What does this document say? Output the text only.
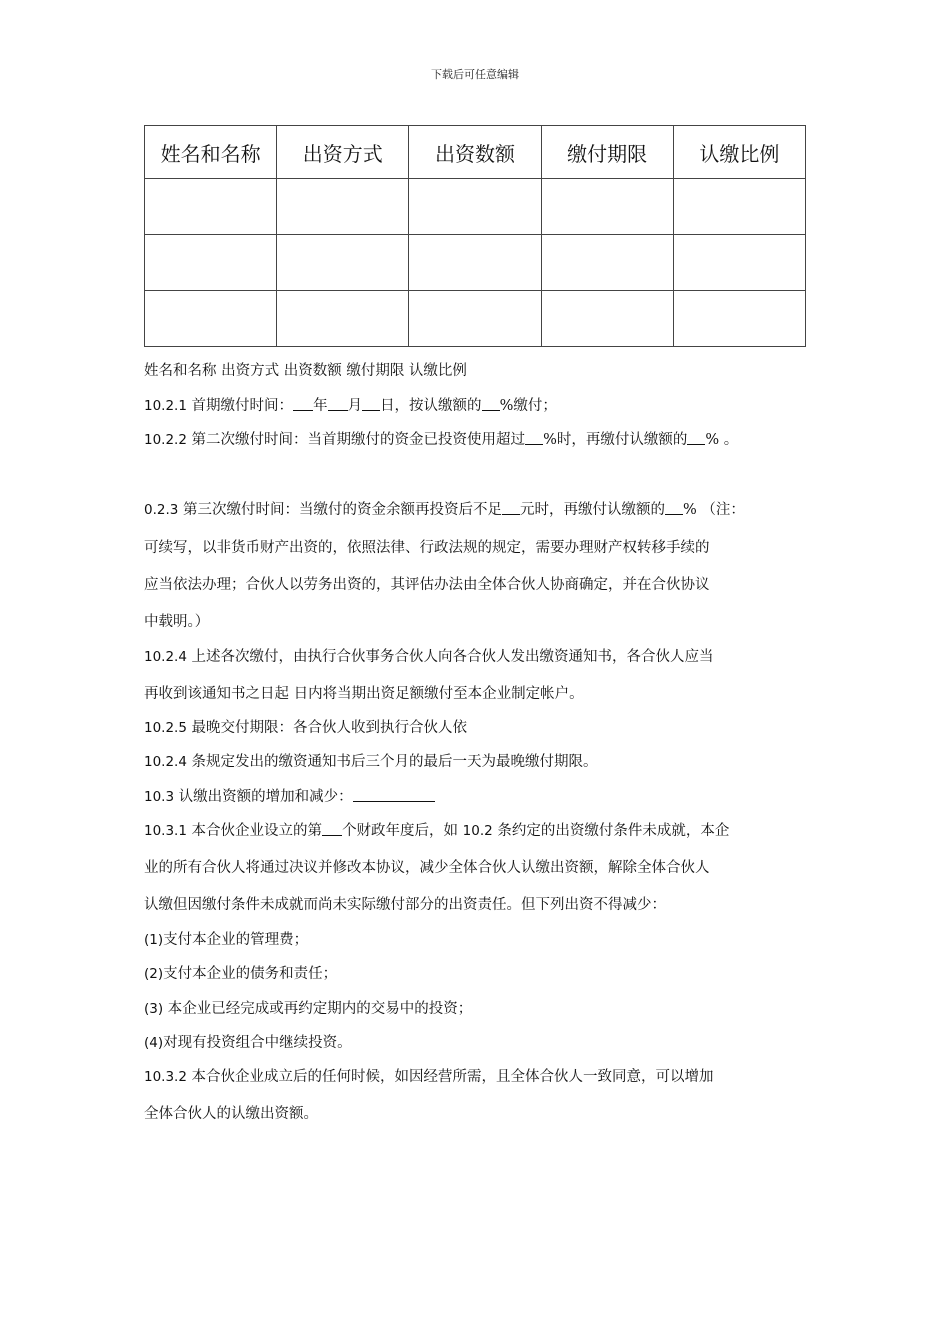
下载后可任意编辑
姓名和名称	出资方式	出资数额	缴付期限	认缴比例

姓名和名称 出资方式 出资数额 缴付期限 认缴比例
10.2.1 首期缴付时间： 年 月 日，按认缴额的 %缴付；
10.2.2 第二次缴付时间：当首期缴付的资金已投资使用超过 %时，再缴付认缴额的 % 。
0.2.3 第三次缴付时间：当缴付的资金余额再投资后不足 元时，再缴付认缴额的 % （注：
可续写，以非货币财产出资的，依照法律、行政法规的规定，需要办理财产权转移手续的
应当依法办理；合伙人以劳务出资的，其评估办法由全体合伙人协商确定，并在合伙协议
中载明。）
10.2.4 上述各次缴付，由执行合伙事务合伙人向各合伙人发出缴资通知书，各合伙人应当
再收到该通知书之日起 日内将当期出资足额缴付至本企业制定帐户。
10.2.5 最晚交付期限：各合伙人收到执行合伙人依
10.2.4 条规定发出的缴资通知书后三个月的最后一天为最晚缴付期限。
10.3 认缴出资额的增加和减少：
10.3.1 本合伙企业设立的第 个财政年度后，如 10.2 条约定的出资缴付条件未成就，本企
业的所有合伙人将通过决议并修改本协议，减少全体合伙人认缴出资额，解除全体合伙人
认缴但因缴付条件未成就而尚未实际缴付部分的出资责任。但下列出资不得减少：
(1)支付本企业的管理费；
(2)支付本企业的债务和责任；
(3) 本企业已经完成或再约定期内的交易中的投资；
(4)对现有投资组合中继续投资。
10.3.2 本合伙企业成立后的任何时候，如因经营所需，且全体合伙人一致同意，可以增加
全体合伙人的认缴出资额。
